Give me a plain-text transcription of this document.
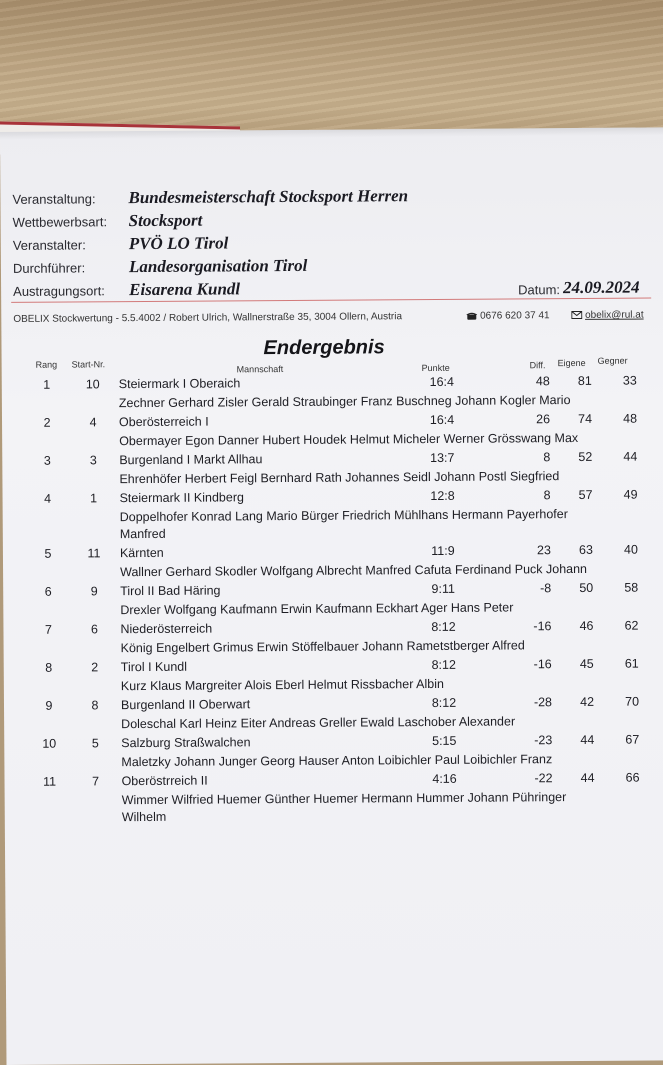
Veranstaltung: Bundesmeisterschaft Stocksport Herren
Wettbewerbsart: Stocksport
Veranstalter:	PVÖ LO Tirol
Durchführer:	Landesorganisation Tirol
Austragungsort: Eisarena Kundl	Datum: 24.09.2024
OBELIX Stockwertung - 5.5.4002 / Robert Ulrich, Wallnerstraße 35, 3004 Ollern, Austria	0676 620 37 41	obelix@rul.at
Endergebnis
Rang Start-Nr.	Mannschaft	Punkte	Diff. Eigene Gegner
1	10	Steiermark I Oberaich	16:4	48	81	33
Zechner Gerhard Zisler Gerald Straubinger Franz Buschneg Johann Kogler Mario
2	4	Oberösterreich I	16:4	26	74	48
Obermayer Egon Danner Hubert Houdek Helmut Micheler Werner Grösswang Max
3	3	Burgenland I Markt Allhau	13:7	8	52	44
Ehrenhöfer Herbert Feigl Bernhard Rath Johannes Seidl Johann Postl Siegfried
4	1	Steiermark II Kindberg	12:8	8	57	49
Doppelhofer Konrad Lang Mario Bürger Friedrich Mühlhans Hermann Payerhofer
Manfred
5	11	Kärnten	11:9	23	63	40
Wallner Gerhard Skodler Wolfgang Albrecht Manfred Cafuta Ferdinand Puck Johann
6	9	Tirol II Bad Häring	9:11	-8	50	58
Drexler Wolfgang Kaufmann Erwin Kaufmann Eckhart Ager Hans Peter
7	6	Niederösterreich	8:12	-16	46	62
König Engelbert Grimus Erwin Stöffelbauer Johann Rametstberger Alfred
8	2	Tirol I Kundl	8:12	-16	45	61
Kurz Klaus Margreiter Alois Eberl Helmut Rissbacher Albin
9	8	Burgenland II Oberwart	8:12	-28	42	70
Doleschal Karl Heinz Eiter Andreas Greller Ewald Laschober Alexander
10	5	Salzburg Straßwalchen	5:15	-23	44	67
Maletzky Johann Junger Georg Hauser Anton Loibichler Paul Loibichler Franz
11	7	Oberöstrreich II	4:16	-22	44	66
Wimmer Wilfried Huemer Günther Huemer Hermann Hummer Johann Pühringer
Wilhelm
